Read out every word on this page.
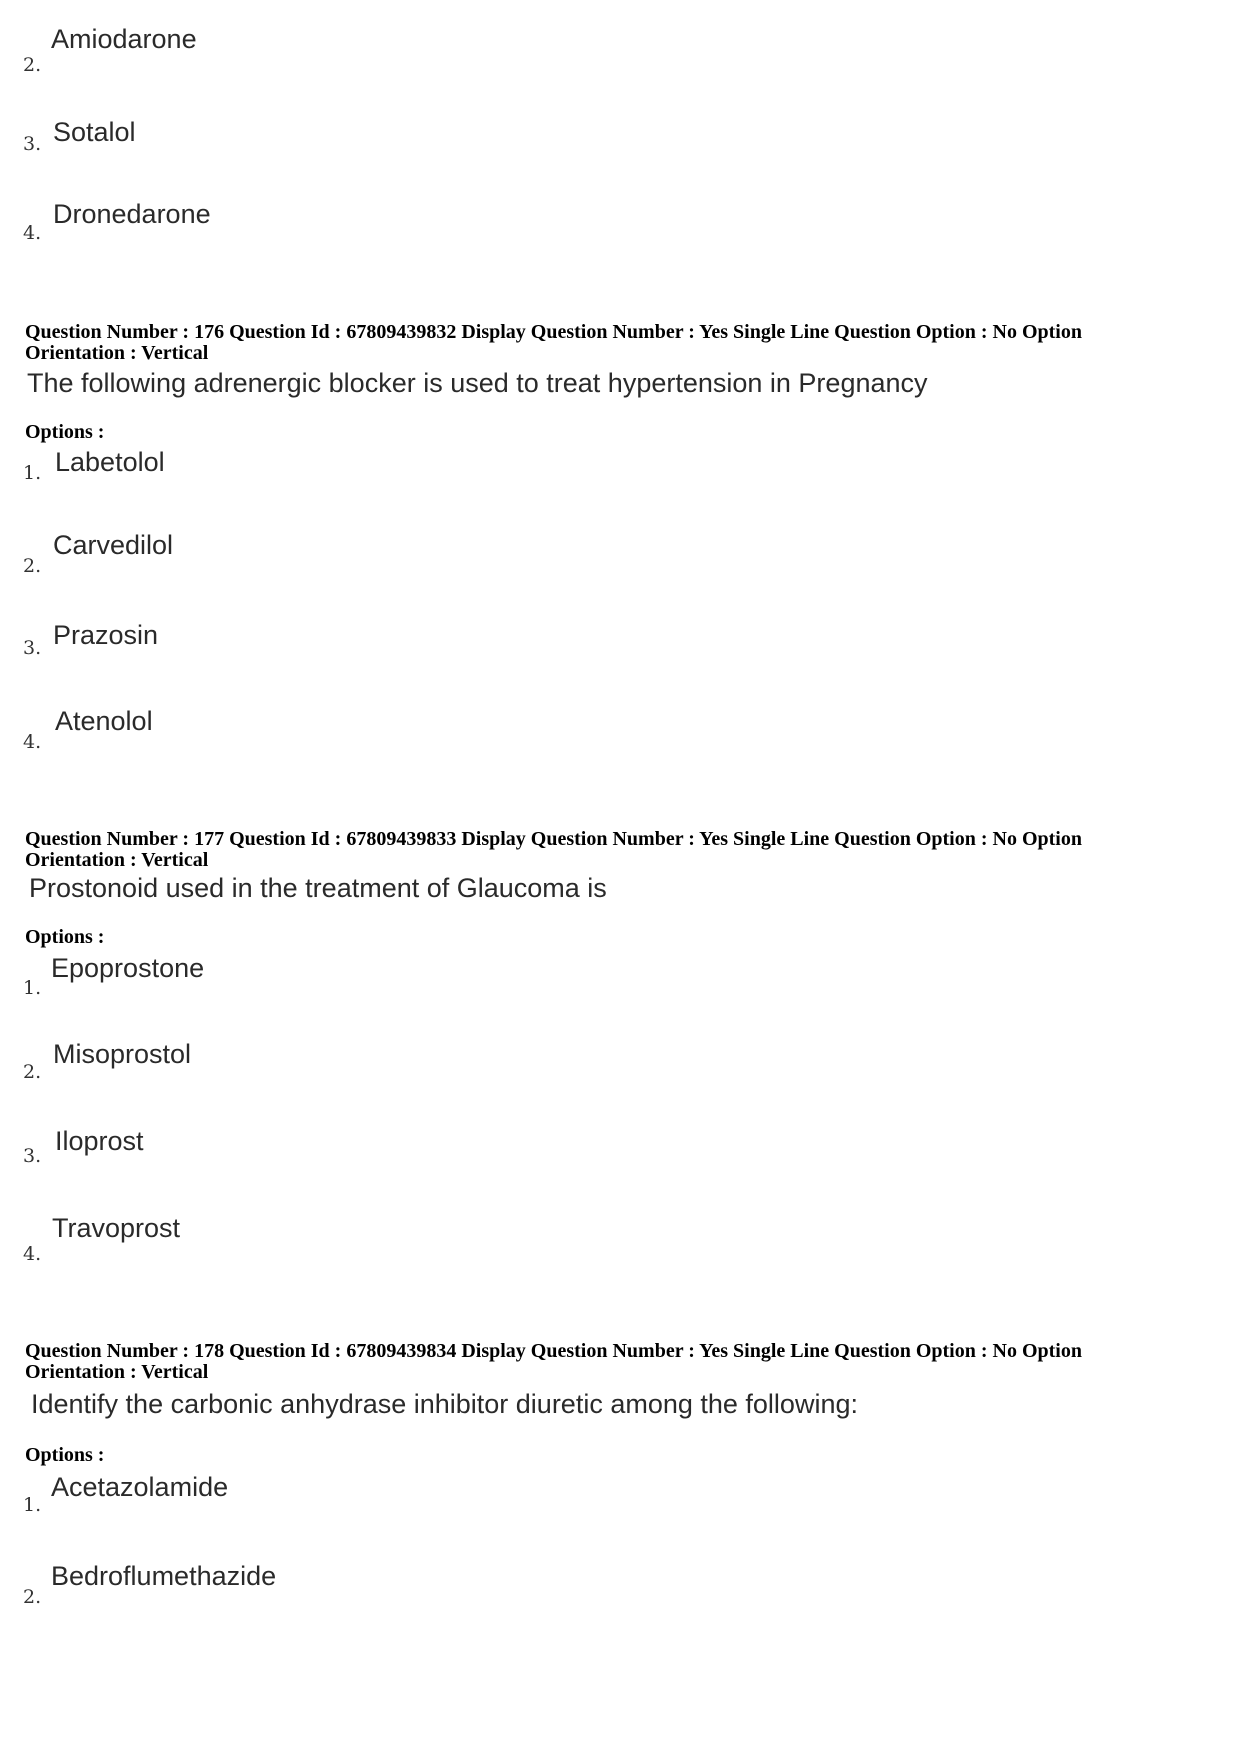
2.
Amiodarone
3. Sotalol
4.
Dronedarone
Question Number : 176 Question Id : 67809439832 Display Question Number : Yes Single Line Question Option : No Option
Orientation : Vertical
The following adrenergic blocker is used to treat hypertension in Pregnancy
Options :
1. Labetolol
2.
Carvedilol
3. Prazosin
4.
Atenolol
Question Number : 177 Question Id : 67809439833 Display Question Number : Yes Single Line Question Option : No Option
Orientation : Vertical
Prostonoid used in the treatment of Glaucoma is
Options :
1.
Epoprostone
2.
Misoprostol
3. Iloprost
4.
Travoprost
Question Number : 178 Question Id : 67809439834 Display Question Number : Yes Single Line Question Option : No Option
Orientation : Vertical
Identify the carbonic anhydrase inhibitor diuretic among the following:
Options :
1.
Acetazolamide
2.
Bedroflumethazide
